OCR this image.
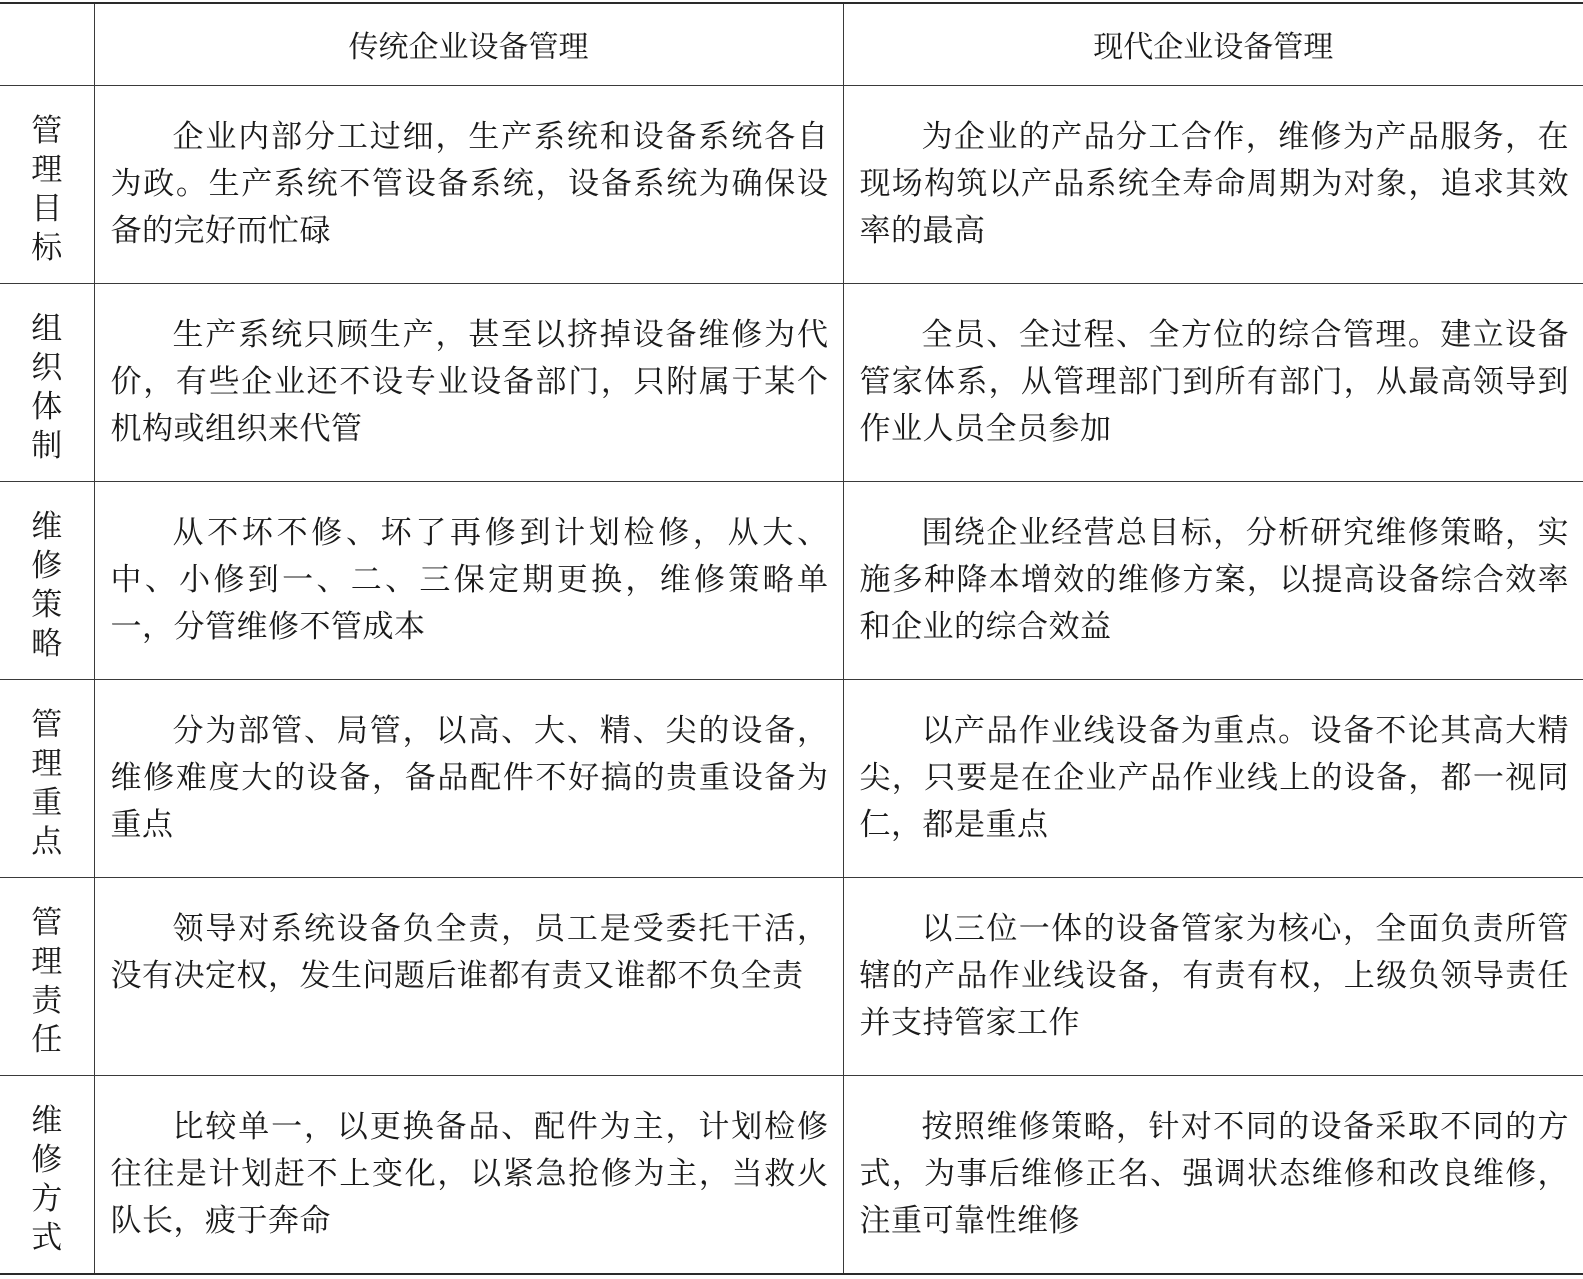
	传统企业设备管理	现代企业设备管理

管理目标	企业内部分工过细，生产系统和设备系统各自为政。生产系统不管设备系统，设备系统为确保设备的完好而忙碌	为企业的产品分工合作，维修为产品服务，在现场构筑以产品系统全寿命周期为对象，追求其效率的最高

组织体制	生产系统只顾生产，甚至以挤掉设备维修为代价，有些企业还不设专业设备部门，只附属于某个机构或组织来代管	全员、全过程、全方位的综合管理。建立设备管家体系，从管理部门到所有部门，从最高领导到作业人员全员参加

维修策略	从不坏不修、坏了再修到计划检修，从大、中、小修到一、二、三保定期更换，维修策略单一，分管维修不管成本	围绕企业经营总目标，分析研究维修策略，实施多种降本增效的维修方案，以提高设备综合效率和企业的综合效益

管理重点	分为部管、局管，以高、大、精、尖的设备，维修难度大的设备，备品配件不好搞的贵重设备为重点	以产品作业线设备为重点。设备不论其高大精尖，只要是在企业产品作业线上的设备，都一视同仁，都是重点

管理责任	领导对系统设备负全责，员工是受委托干活，没有决定权，发生问题后谁都有责又谁都不负全责	以三位一体的设备管家为核心，全面负责所管辖的产品作业线设备，有责有权，上级负领导责任并支持管家工作

维修方式	比较单一，以更换备品、配件为主，计划检修往往是计划赶不上变化，以紧急抢修为主，当救火队长，疲于奔命	按照维修策略，针对不同的设备采取不同的方式，为事后维修正名、强调状态维修和改良维修，注重可靠性维修
